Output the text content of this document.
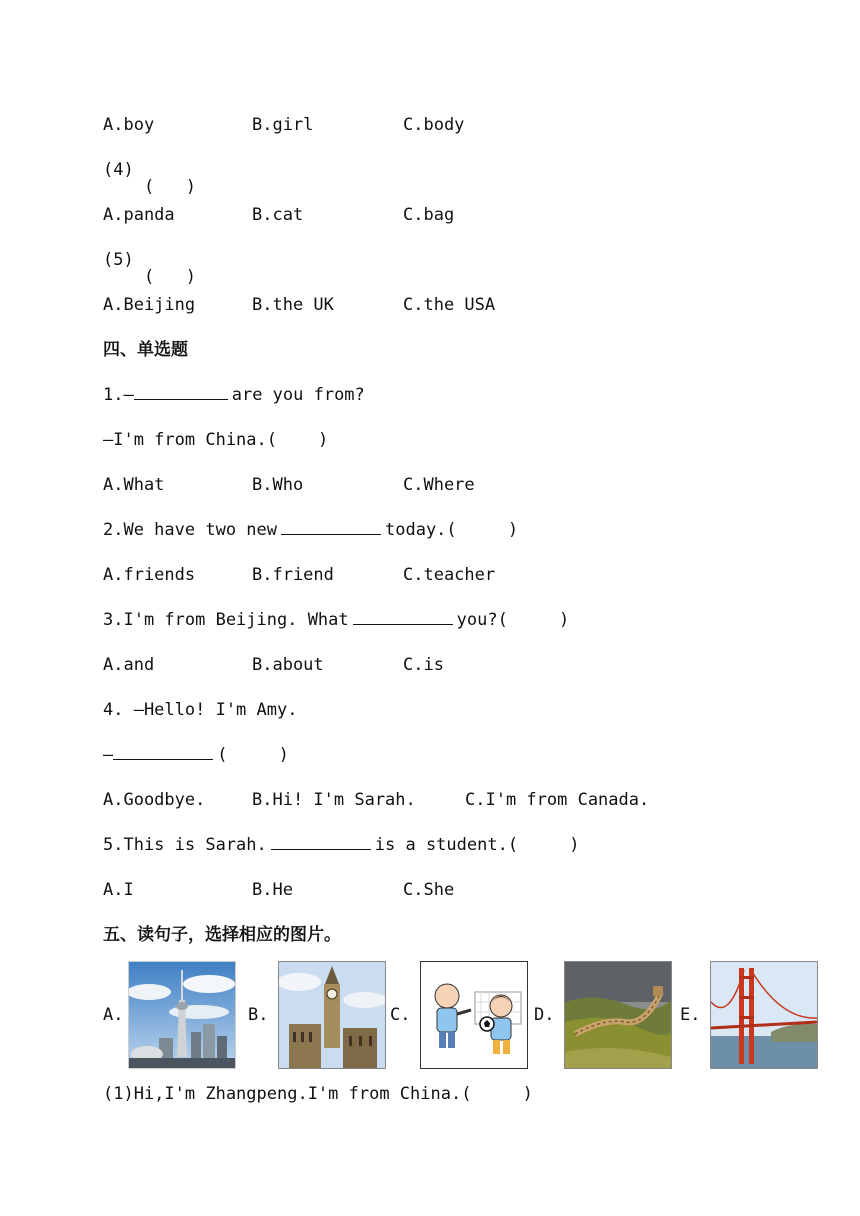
A.boy	B.girl	C.body
(4)
A.panda	B.cat	C.bag
(5)
A.Beijing	B.the UK	C.the USA
四、单选题
1.—	are you from?
—I'm from China.(    )
A.What	B.Who	C.Where
2.We have two new	today.(     )
A.friends	B.friend	C.teacher
3.I'm from Beijing. What	you?(     )
A.and	B.about	C.is
4. —Hello! I'm Amy.
—	(     )
A.Goodbye.	B.Hi! I'm Sarah.	C.I'm from Canada.
5.This is Sarah.	is a student.(     )
A.I	B.He	C.She
五、读句子，选择相应的图片。
A.	B.	C.	D.	E.
(1)Hi,I'm Zhangpeng.I'm from China.(     )
